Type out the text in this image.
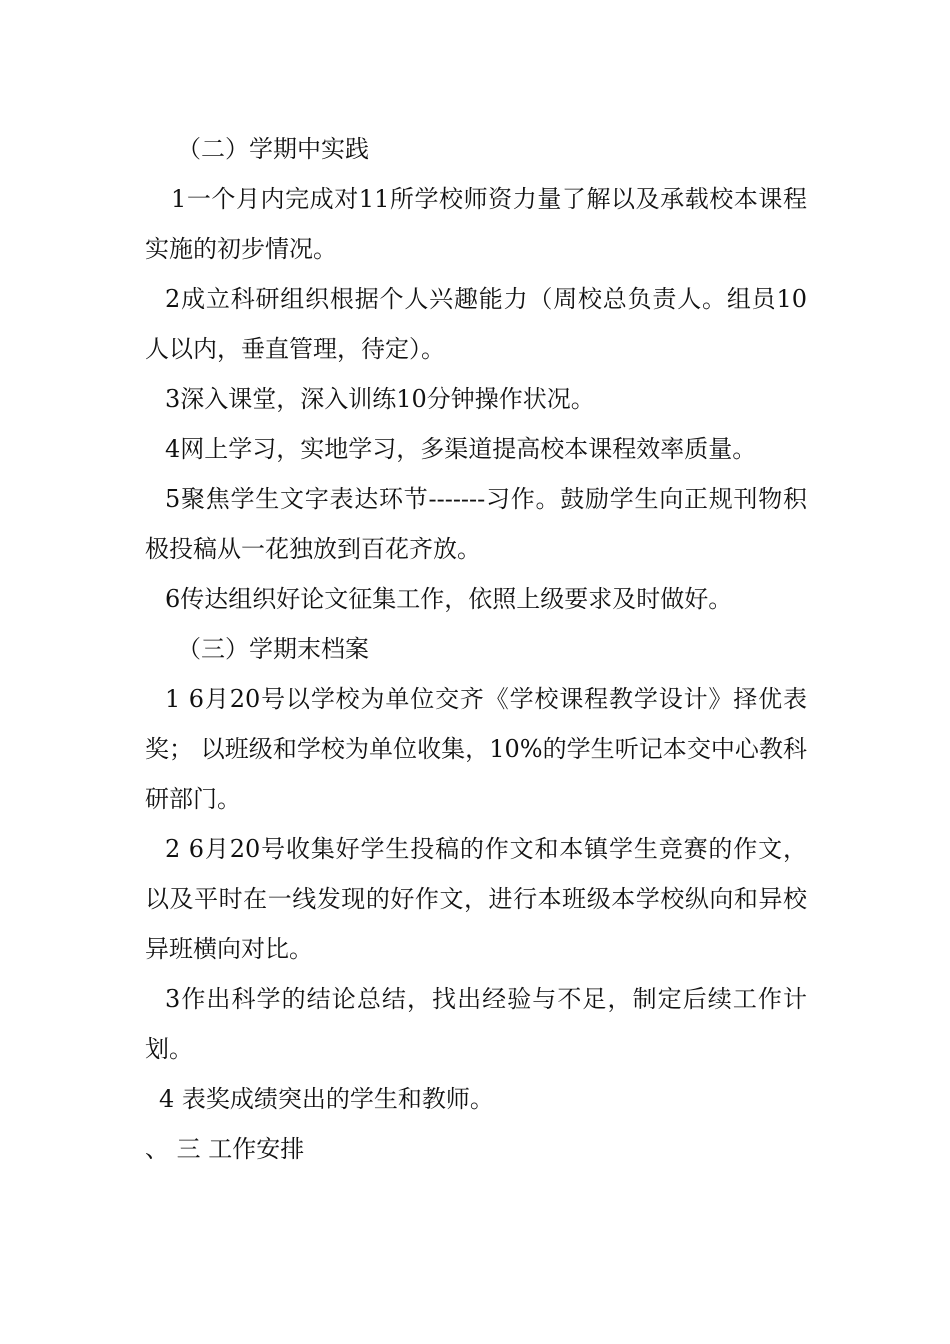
（二）学期中实践

1一个月内完成对11所学校师资力量了解以及承载校本课程实施的初步情况。

2成立科研组织根据个人兴趣能力（周校总负责人。组员10人以内，垂直管理，待定）。

3深入课堂，深入训练10分钟操作状况。

4网上学习，实地学习，多渠道提高校本课程效率质量。

5聚焦学生文字表达环节-------习作。鼓励学生向正规刊物积极投稿从一花独放到百花齐放。

6传达组织好论文征集工作，依照上级要求及时做好。

（三）学期末档案

1 6月20号以学校为单位交齐《学校课程教学设计》择优表奖； 以班级和学校为单位收集，10%的学生听记本交中心教科研部门。

2 6月20号收集好学生投稿的作文和本镇学生竞赛的作文，以及平时在一线发现的好作文，进行本班级本学校纵向和异校异班横向对比。

3作出科学的结论总结，找出经验与不足，制定后续工作计划。

4 表奖成绩突出的学生和教师。

、 三 工作安排
